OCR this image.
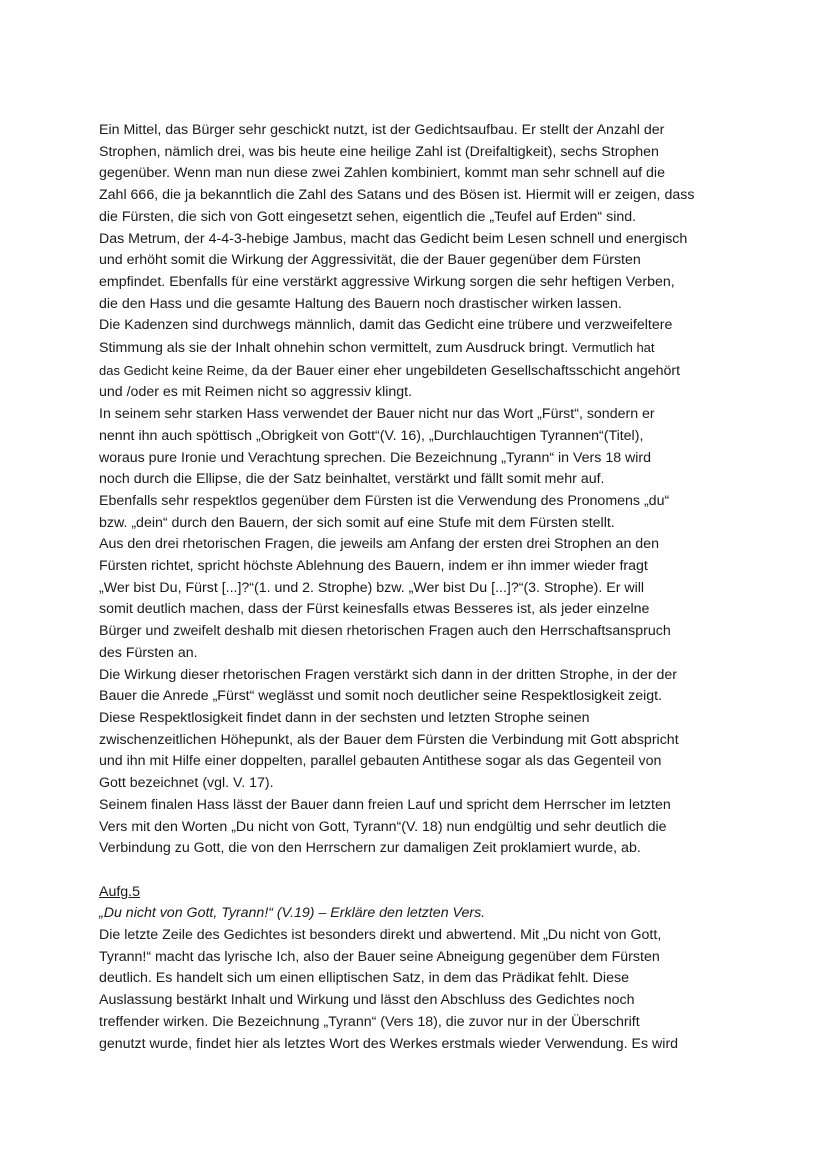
Ein Mittel, das Bürger sehr geschickt nutzt, ist der Gedichtsaufbau. Er stellt der Anzahl der
Strophen, nämlich drei, was bis heute eine heilige Zahl ist (Dreifaltigkeit), sechs Strophen
gegenüber. Wenn man nun diese zwei Zahlen kombiniert, kommt man sehr schnell auf die
Zahl 666, die ja bekanntlich die Zahl des Satans und des Bösen ist. Hiermit will er zeigen, dass
die Fürsten, die sich von Gott eingesetzt sehen, eigentlich die „Teufel auf Erden“ sind.

Das Metrum, der 4-4-3-hebige Jambus, macht das Gedicht beim Lesen schnell und energisch
und erhöht somit die Wirkung der Aggressivität, die der Bauer gegenüber dem Fürsten
empfindet. Ebenfalls für eine verstärkt aggressive Wirkung sorgen die sehr heftigen Verben,
die den Hass und die gesamte Haltung des Bauern noch drastischer wirken lassen.

Die Kadenzen sind durchwegs männlich, damit das Gedicht eine trübere und verzweifeltere
Stimmung als sie der Inhalt ohnehin schon vermittelt, zum Ausdruck bringt. Vermutlich hat
das Gedicht keine Reime, da der Bauer einer eher ungebildeten Gesellschaftsschicht angehört
und /oder es mit Reimen nicht so aggressiv klingt.

In seinem sehr starken Hass verwendet der Bauer nicht nur das Wort „Fürst“, sondern er
nennt ihn auch spöttisch „Obrigkeit von Gott“(V. 16), „Durchlauchtigen Tyrannen“(Titel),
woraus pure Ironie und Verachtung sprechen. Die Bezeichnung „Tyrann“ in Vers 18 wird
noch durch die Ellipse, die der Satz beinhaltet, verstärkt und fällt somit mehr auf.

Ebenfalls sehr respektlos gegenüber dem Fürsten ist die Verwendung des Pronomens „du“
bzw. „dein“ durch den Bauern, der sich somit auf eine Stufe mit dem Fürsten stellt.

Aus den drei rhetorischen Fragen, die jeweils am Anfang der ersten drei Strophen an den
Fürsten richtet, spricht höchste Ablehnung des Bauern, indem er ihn immer wieder fragt
„Wer bist Du, Fürst [...]?“(1. und 2. Strophe) bzw. „Wer bist Du [...]?“(3. Strophe). Er will
somit deutlich machen, dass der Fürst keinesfalls etwas Besseres ist, als jeder einzelne
Bürger und zweifelt deshalb mit diesen rhetorischen Fragen auch den Herrschaftsanspruch
des Fürsten an.

Die Wirkung dieser rhetorischen Fragen verstärkt sich dann in der dritten Strophe, in der der
Bauer die Anrede „Fürst“ weglässt und somit noch deutlicher seine Respektlosigkeit zeigt.
Diese Respektlosigkeit findet dann in der sechsten und letzten Strophe seinen
zwischenzeitlichen Höhepunkt, als der Bauer dem Fürsten die Verbindung mit Gott abspricht
und ihn mit Hilfe einer doppelten, parallel gebauten Antithese sogar als das Gegenteil von
Gott bezeichnet (vgl. V. 17).

Seinem finalen Hass lässt der Bauer dann freien Lauf und spricht dem Herrscher im letzten
Vers mit den Worten „Du nicht von Gott, Tyrann“(V. 18) nun endgültig und sehr deutlich die
Verbindung zu Gott, die von den Herrschern zur damaligen Zeit proklamiert wurde, ab.

Aufg.5

„Du nicht von Gott, Tyrann!“ (V.19) – Erkläre den letzten Vers.

Die letzte Zeile des Gedichtes ist besonders direkt und abwertend. Mit „Du nicht von Gott,
Tyrann!“ macht das lyrische Ich, also der Bauer seine Abneigung gegenüber dem Fürsten
deutlich. Es handelt sich um einen elliptischen Satz, in dem das Prädikat fehlt. Diese
Auslassung bestärkt Inhalt und Wirkung und lässt den Abschluss des Gedichtes noch
treffender wirken. Die Bezeichnung „Tyrann“ (Vers 18), die zuvor nur in der Überschrift
genutzt wurde, findet hier als letztes Wort des Werkes erstmals wieder Verwendung. Es wird
